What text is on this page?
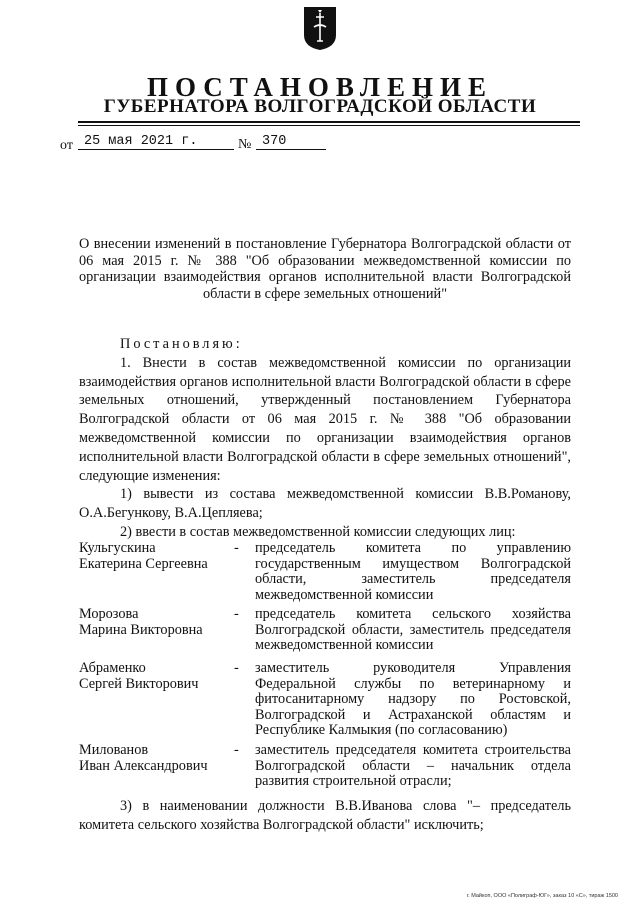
ПОСТАНОВЛЕНИЕ
ГУБЕРНАТОРА ВОЛГОГРАДСКОЙ ОБЛАСТИ
от 25 мая 2021 г.	№ 370
О внесении изменений в постановление Губернатора Волгоградской области от 06 мая 2015 г. № 388 "Об образовании межведомственной комиссии по организации взаимодействия органов исполнительной власти Волгоградской области в сфере земельных отношений"

Постановляю:

1. Внести в состав межведомственной комиссии по организации взаимодействия органов исполнительной власти Волгоградской области в сфере земельных отношений, утвержденный постановлением Губернатора Волгоградской области от 06 мая 2015 г. № 388 "Об образовании межведомственной комиссии по организации взаимодействия органов исполнительной власти Волгоградской области в сфере земельных отношений", следующие изменения:

1) вывести из состава межведомственной комиссии В.В.Романову, О.А.Бегункову, В.А.Цепляева;

2) ввести в состав межведомственной комиссии следующих лиц:

Кульгускина
Екатерина Сергеевна
- председатель комитета по управлению государственным имуществом Волгоградской области, заместитель председателя межведомственной комиссии
Морозова
Марина Викторовна
- председатель комитета сельского хозяйства Волгоградской области, заместитель председателя межведомственной комиссии
Абраменко
Сергей Викторович
- заместитель руководителя Управления Федеральной службы по ветеринарному и фитосанитарному надзору по Ростовской, Волгоградской и Астраханской областям и Республике Калмыкия (по согласованию)
Милованов
Иван Александрович
- заместитель председателя комитета строительства Волгоградской области – начальник отдела развития строительной отрасли;

3) в наименовании должности В.В.Иванова слова "– председатель комитета сельского хозяйства Волгоградской области" исключить;

г. Майкоп, ООО «Полиграф-ЮГ», заказ 10 «С», тираж 1500
